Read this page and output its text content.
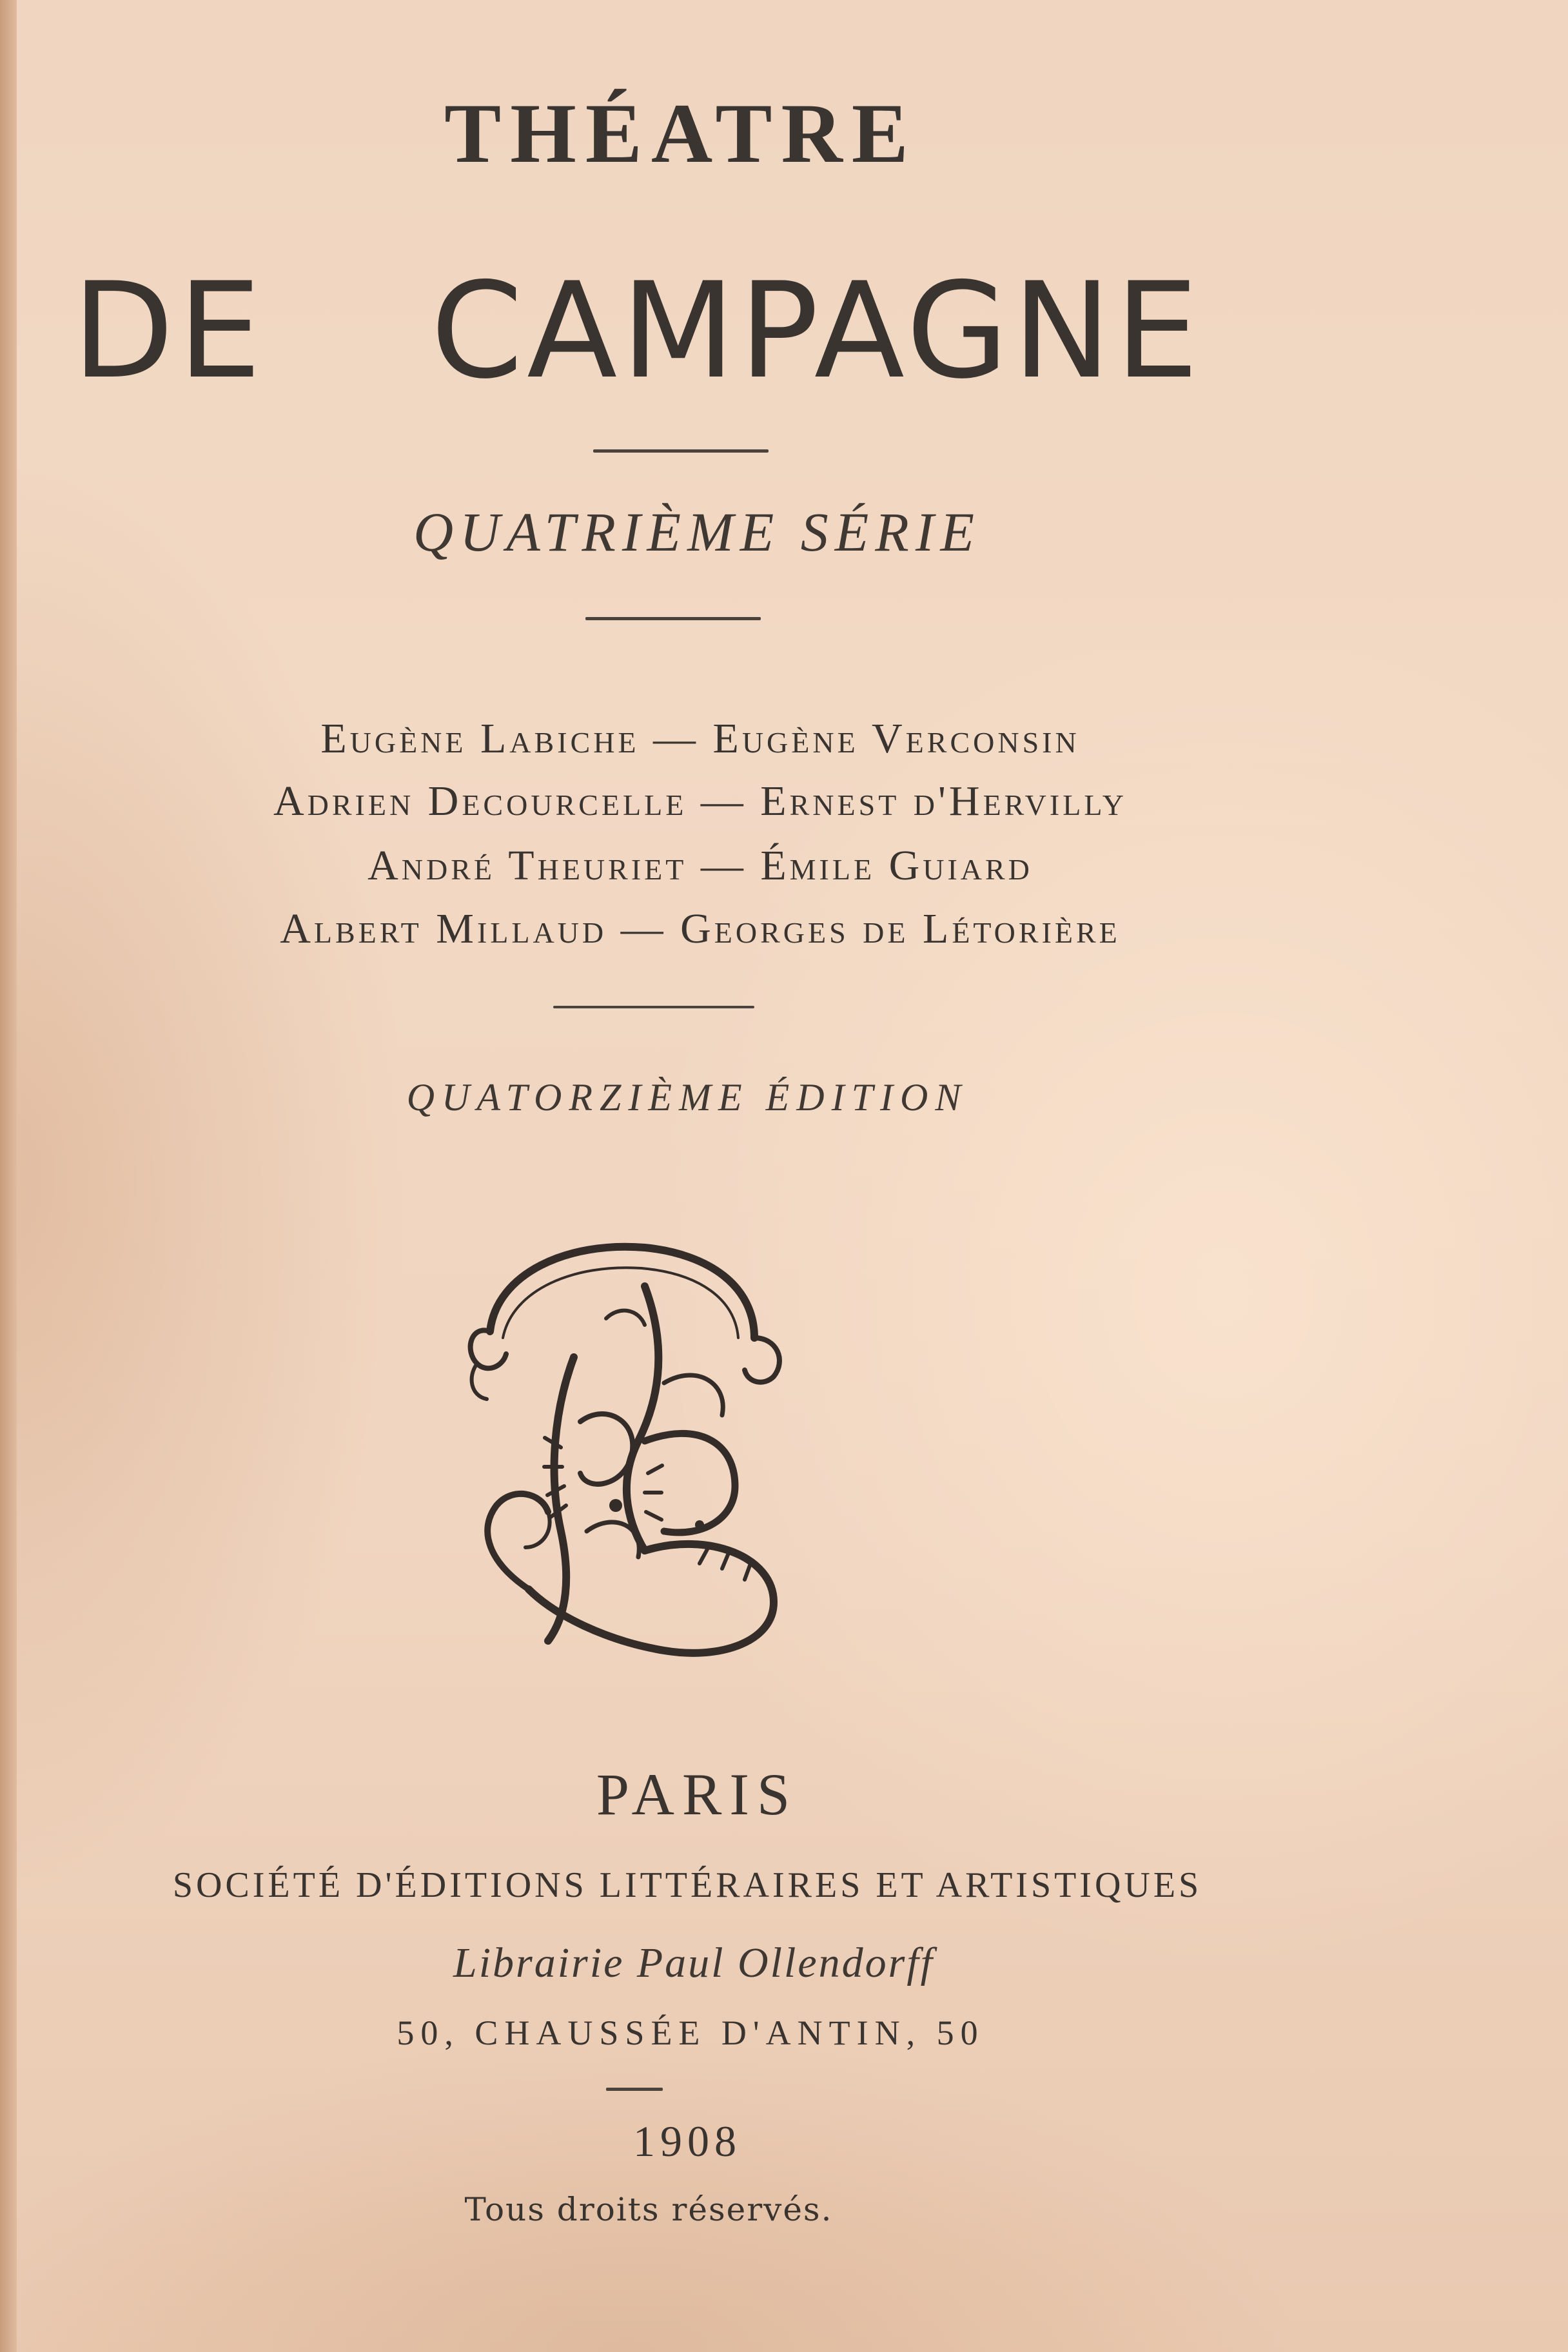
THÉATRE
DE CAMPAGNE
QUATRIÈME SÉRIE
Eugène Labiche — Eugène Verconsin
Adrien Decourcelle — Ernest d'Hervilly
André Theuriet — Émile Guiard
Albert Millaud — Georges de Létorière
QUATORZIÈME ÉDITION
PARIS
SOCIÉTÉ D'ÉDITIONS LITTÉRAIRES ET ARTISTIQUES
Librairie Paul Ollendorff
50, CHAUSSÉE D'ANTIN, 50
1908
Tous droits réservés.
